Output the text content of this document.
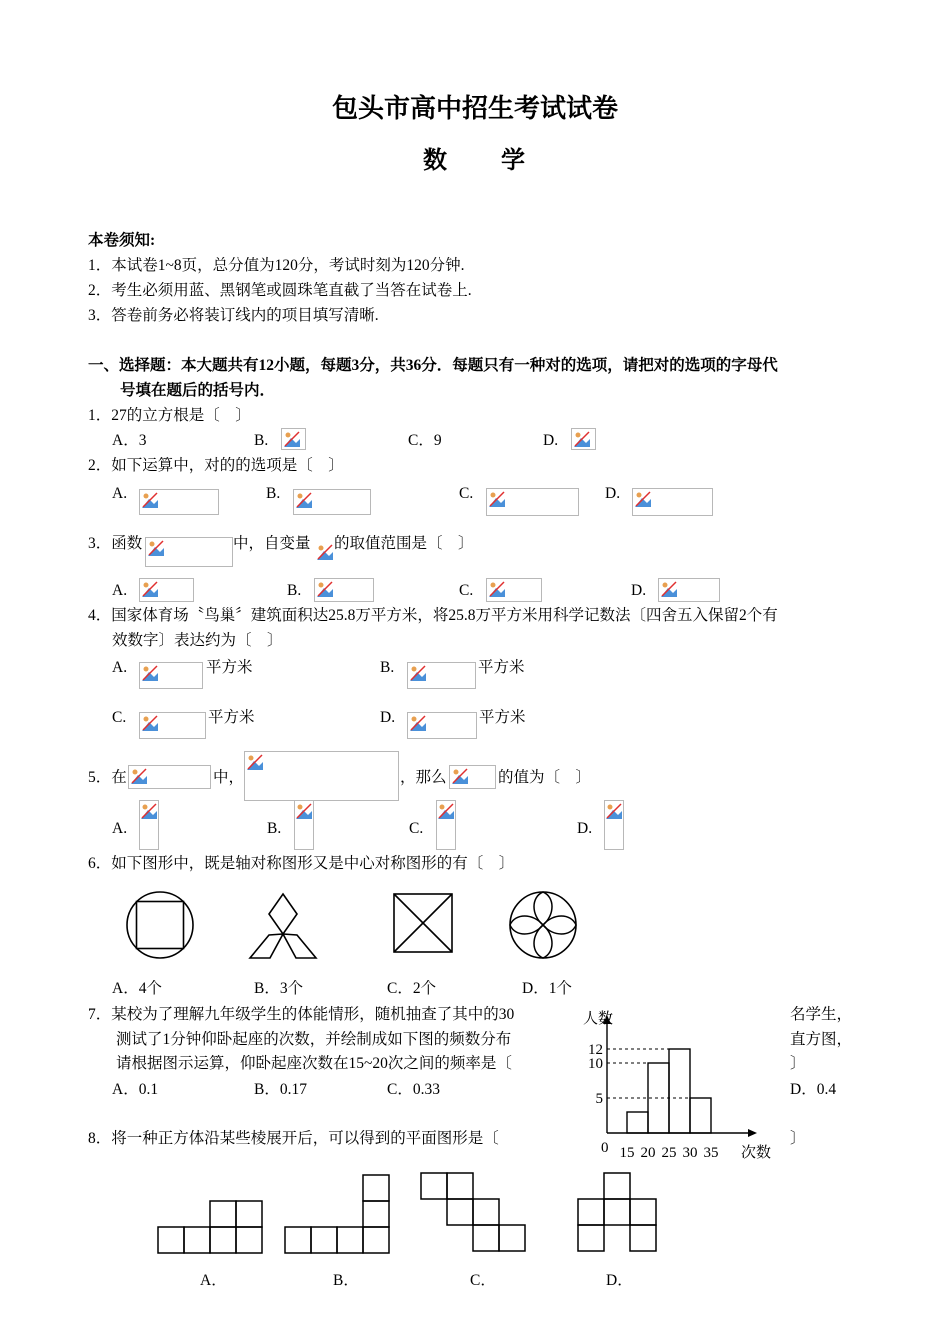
包头市高中招生考试试卷
数　　学
本卷须知:
1．本试卷1~8页，总分值为120分，考试时刻为120分钟.
2．考生必须用蓝、黑钢笔或圆珠笔直截了当答在试卷上.
3．答卷前务必将装订线内的项目填写清晰.
一、选择题：本大题共有12小题，每题3分，共36分．每题只有一种对的选项，请把对的选项的字母代
号填在题后的括号内．
1．27的立方根是〔　〕
A．3	B.	C．9	D.
2．如下运算中，对的的选项是〔　〕
A.	B.	C.	D.
3．函数	中，自变量 的取值范围是〔　〕
A.	B.	C.	D.
4．国家体育场〝鸟巢〞建筑面积达25.8万平方米，将25.8万平方米用科学记数法〔四舍五入保留2个有
效数字〕表达约为〔　〕
A.	平方米	B.	平方米
C.	平方米	D.	平方米
5．在	中，	，那么	的值为〔　〕
A.	B.	C.	D.
6．如下图形中，既是轴对称图形又是中心对称图形的有〔　〕
A．4个	B．3个	C．2个	D．1个
7．某校为了理解九年级学生的体能情形，随机抽查了其中的30	名学生，
测试了1分钟仰卧起座的次数，并绘制成如下图的频数分布	直方图，
请根据图示运算，仰卧起座次数在15~20次之间的频率是〔	〕
A．0.1	B．0.17	C．0.33	D．0.4
5
10
12
15 20 25 30 35
人数
次数
0
8．将一种正方体沿某些棱展开后，可以得到的平面图形是〔	〕
A．	B．	C．	D．
